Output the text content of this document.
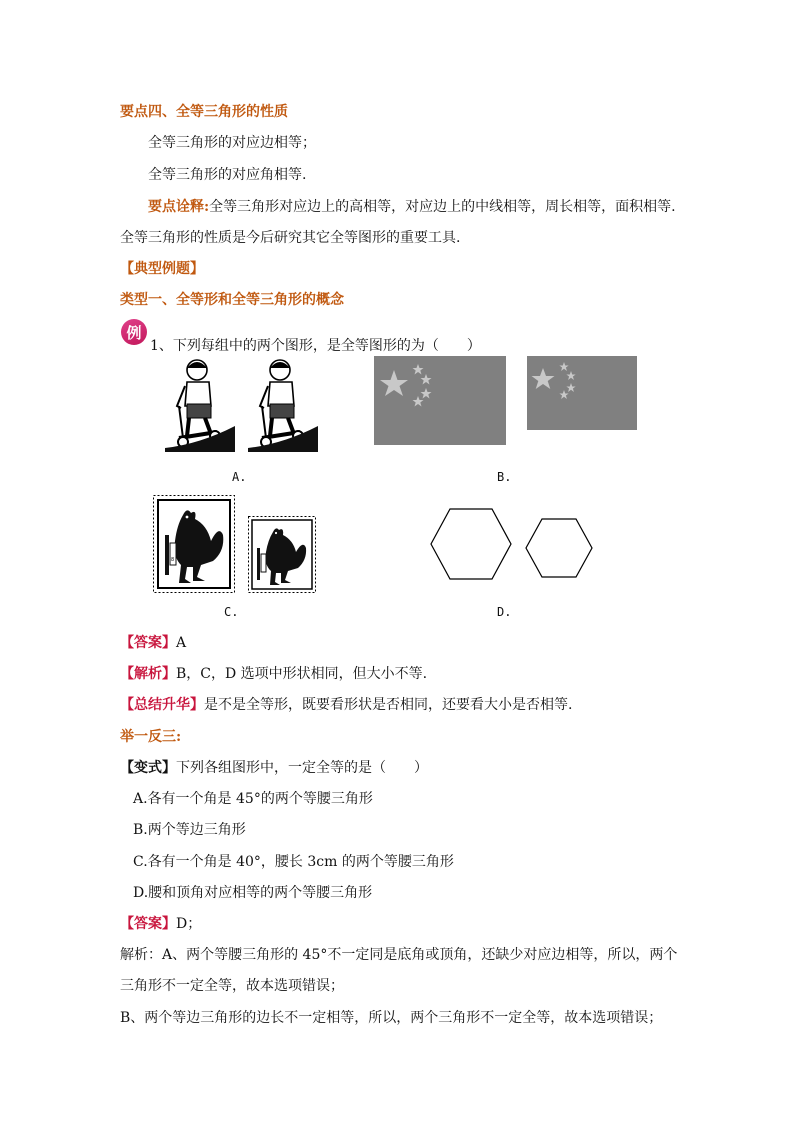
要点四、全等三角形的性质
全等三角形的对应边相等；
全等三角形的对应角相等.
要点诠释:全等三角形对应边上的高相等，对应边上的中线相等，周长相等，面积相等.
全等三角形的性质是今后研究其它全等图形的重要工具.
【典型例题】
类型一、全等形和全等三角形的概念
例
1、下列每组中的两个图形，是全等图形的为（　　）
A.	B.
8
C.	D.
【答案】A
【解析】B，C，D 选项中形状相同，但大小不等.
【总结升华】是不是全等形，既要看形状是否相同，还要看大小是否相等.
举一反三:
【变式】下列各组图形中，一定全等的是（　　）
A.各有一个角是 45°的两个等腰三角形
B.两个等边三角形
C.各有一个角是 40°，腰长 3cm 的两个等腰三角形
D.腰和顶角对应相等的两个等腰三角形
【答案】D；
解析：A、两个等腰三角形的 45°不一定同是底角或顶角，还缺少对应边相等，所以，两个
三角形不一定全等，故本选项错误；
B、两个等边三角形的边长不一定相等，所以，两个三角形不一定全等，故本选项错误；
